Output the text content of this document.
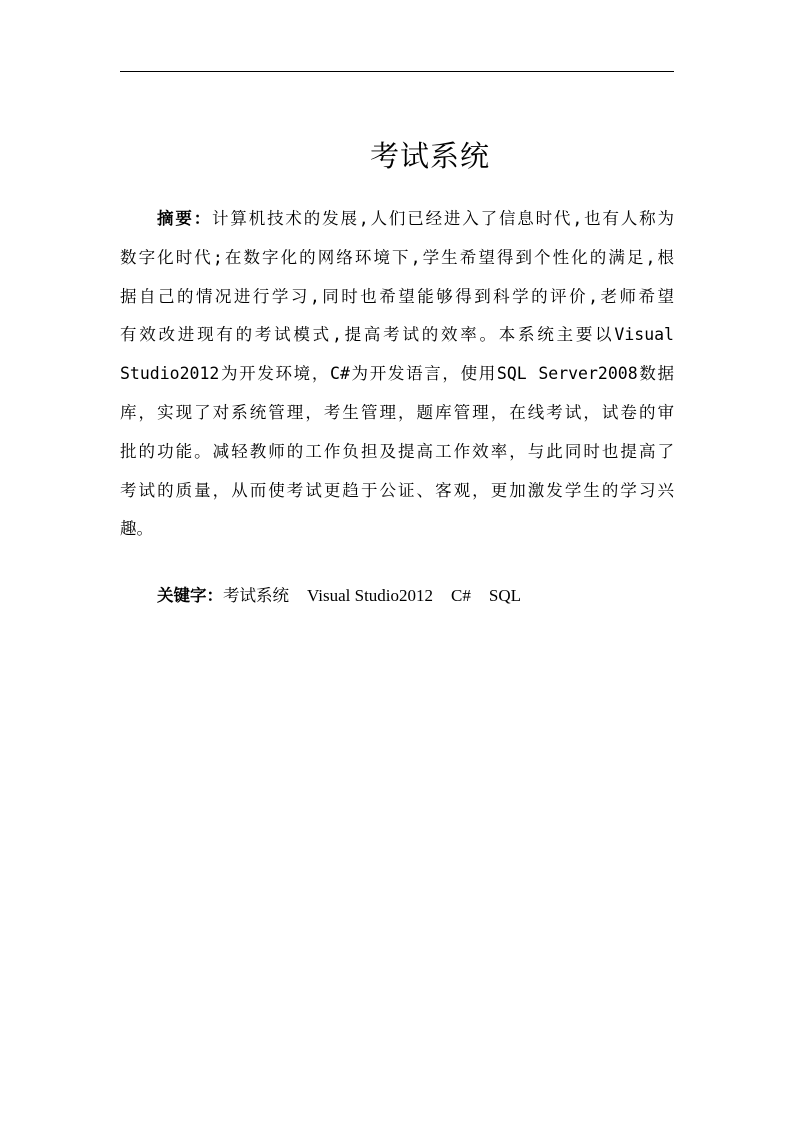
考试系统
摘要：计算机技术的发展,人们已经进入了信息时代,也有人称为
数字化时代;在数字化的网络环境下,学生希望得到个性化的满足,根
据自己的情况进行学习,同时也希望能够得到科学的评价,老师希望
有效改进现有的考试模式,提高考试的效率。本系统主要以Visual
Studio2012为开发环境，C#为开发语言，使用SQL Server2008数据
库，实现了对系统管理，考生管理，题库管理，在线考试，试卷的审
批的功能。减轻教师的工作负担及提高工作效率，与此同时也提高了
考试的质量，从而使考试更趋于公证、客观，更加激发学生的学习兴
趣。
关键字：考试系统 Visual Studio2012 C# SQL
